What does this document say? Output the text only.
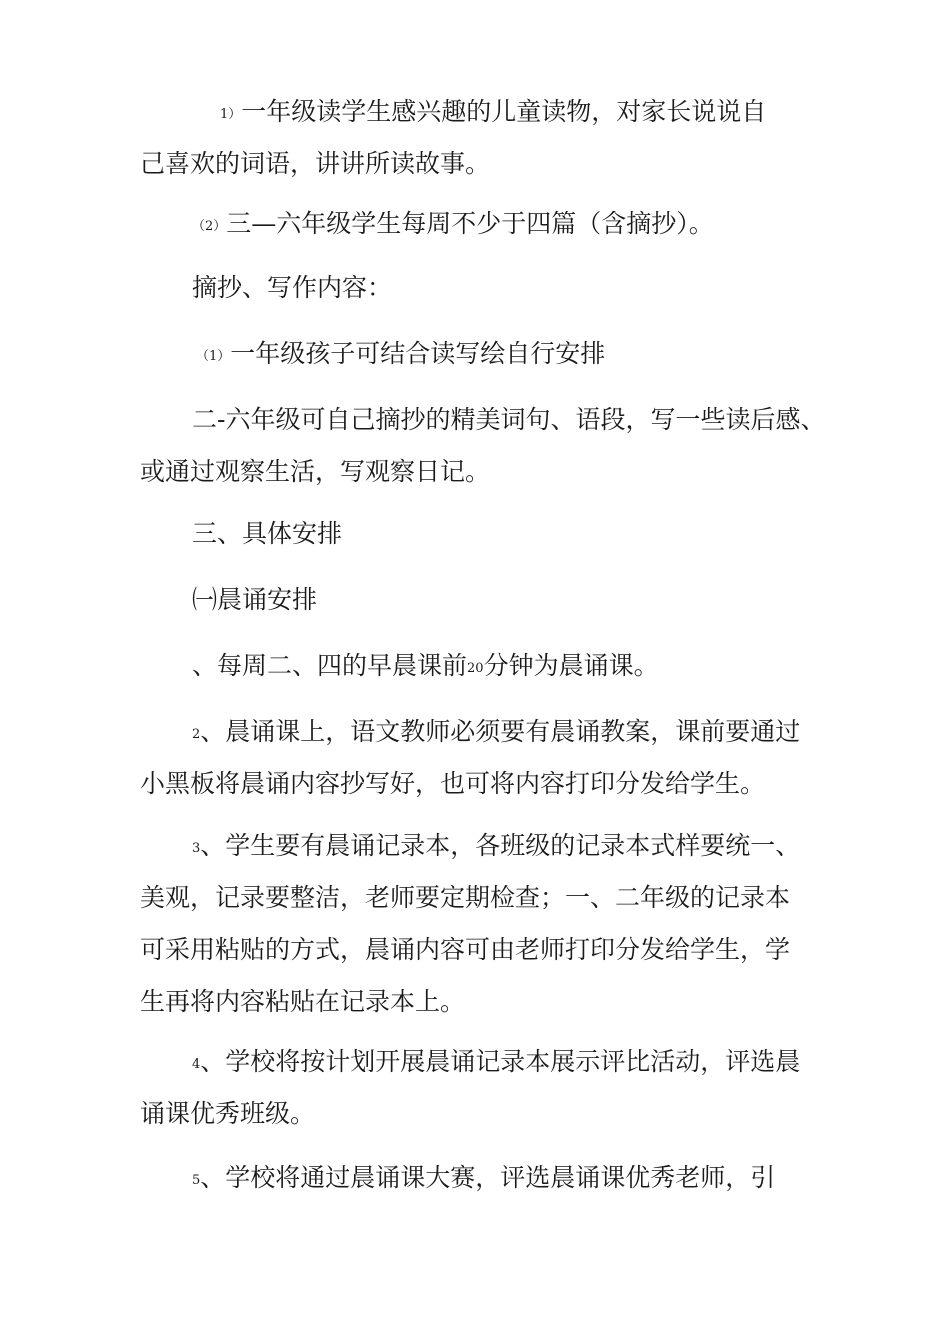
1）一年级读学生感兴趣的儿童读物，对家长说说自
己喜欢的词语，讲讲所读故事。
（2）三—六年级学生每周不少于四篇（含摘抄）。
摘抄、写作内容：
（1）一年级孩子可结合读写绘自行安排
二-六年级可自己摘抄的精美词句、语段，写一些读后感、
或通过观察生活，写观察日记。
三、具体安排
㈠晨诵安排
、每周二、四的早晨课前20分钟为晨诵课。
2、晨诵课上，语文教师必须要有晨诵教案，课前要通过
小黑板将晨诵内容抄写好，也可将内容打印分发给学生。
3、学生要有晨诵记录本，各班级的记录本式样要统一、
美观，记录要整洁，老师要定期检查；一、二年级的记录本
可采用粘贴的方式，晨诵内容可由老师打印分发给学生，学
生再将内容粘贴在记录本上。
4、学校将按计划开展晨诵记录本展示评比活动，评选晨
诵课优秀班级。
5、学校将通过晨诵课大赛，评选晨诵课优秀老师，引
